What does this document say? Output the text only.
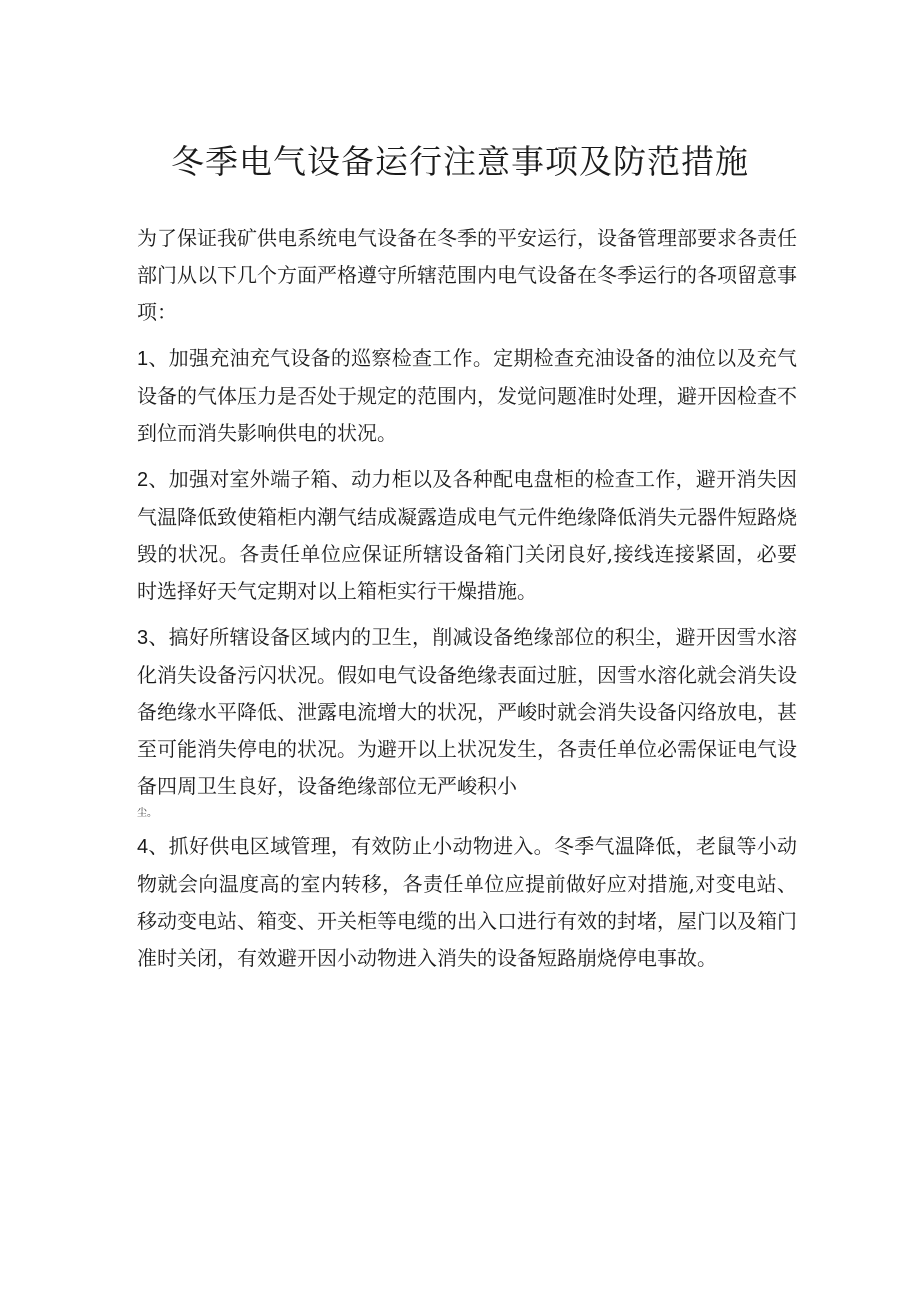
冬季电气设备运行注意事项及防范措施

为了保证我矿供电系统电气设备在冬季的平安运行，设备管理部要求各责任部门从以下几个方面严格遵守所辖范围内电气设备在冬季运行的各项留意事项：

1、加强充油充气设备的巡察检查工作。定期检查充油设备的油位以及充气设备的气体压力是否处于规定的范围内，发觉问题准时处理，避开因检查不到位而消失影响供电的状况。

2、加强对室外端子箱、动力柜以及各种配电盘柜的检查工作，避开消失因气温降低致使箱柜内潮气结成凝露造成电气元件绝缘降低消失元器件短路烧毁的状况。各责任单位应保证所辖设备箱门关闭良好,接线连接紧固，必要时选择好天气定期对以上箱柜实行干燥措施。

3、搞好所辖设备区域内的卫生，削减设备绝缘部位的积尘，避开因雪水溶化消失设备污闪状况。假如电气设备绝缘表面过脏，因雪水溶化就会消失设备绝缘水平降低、泄露电流增大的状况，严峻时就会消失设备闪络放电，甚至可能消失停电的状况。为避开以上状况发生，各责任单位必需保证电气设备四周卫生良好，设备绝缘部位无严峻积小

尘。

4、抓好供电区域管理，有效防止小动物进入。冬季气温降低，老鼠等小动物就会向温度高的室内转移，各责任单位应提前做好应对措施,对变电站、移动变电站、箱变、开关柜等电缆的出入口进行有效的封堵，屋门以及箱门准时关闭，有效避开因小动物进入消失的设备短路崩烧停电事故。
